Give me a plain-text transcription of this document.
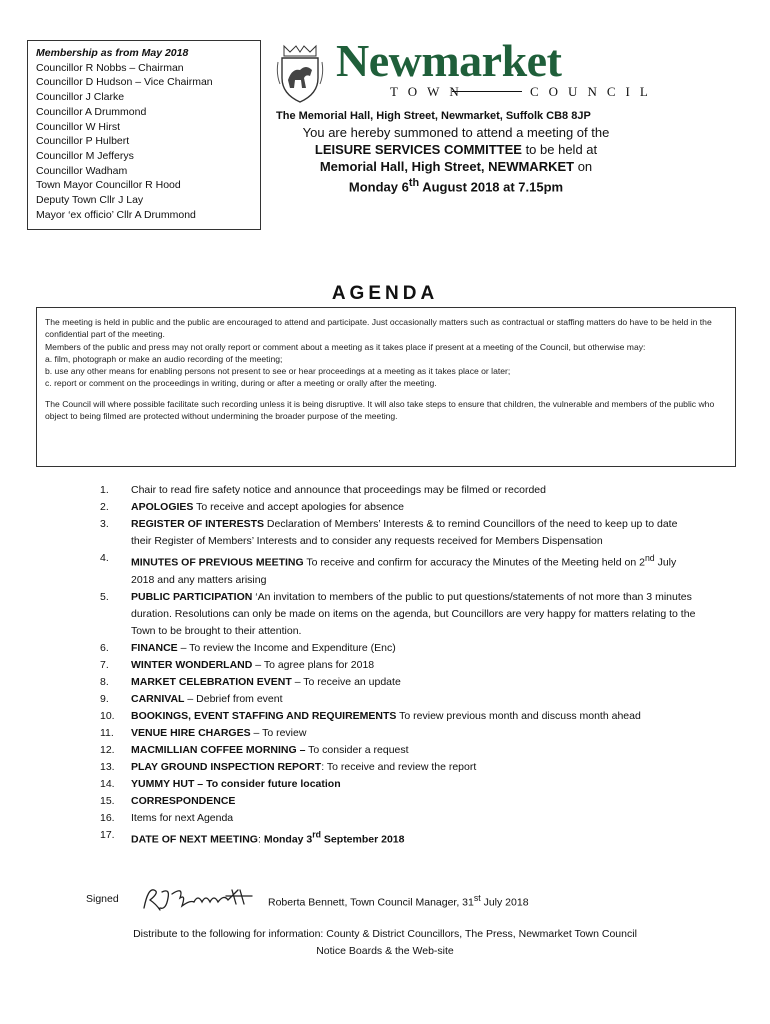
Membership as from May 2018
Councillor R Nobbs – Chairman
Councillor D Hudson – Vice Chairman
Councillor J Clarke
Councillor A Drummond
Councillor W Hirst
Councillor P Hulbert
Councillor M Jefferys
Councillor Wadham
Town Mayor Councillor R Hood
Deputy Town Cllr J Lay
Mayor ‘ex officio’ Cllr A Drummond
Newmarket
TOWN	COUNCIL
The Memorial Hall, High Street, Newmarket, Suffolk CB8 8JP
You are hereby summoned to attend a meeting of the
LEISURE SERVICES COMMITTEE to be held at
Memorial Hall, High Street, NEWMARKET on
Monday 6th August 2018 at 7.15pm
AGENDA
The meeting is held in public and the public are encouraged to attend and participate. Just occasionally matters such as contractual or staffing matters do have to be held in the confidential part of the meeting.
Members of the public and press may not orally report or comment about a meeting as it takes place if present at a meeting of the Council, but otherwise may:
a. film, photograph or make an audio recording of the meeting;
b. use any other means for enabling persons not present to see or hear proceedings at a meeting as it takes place or later;
c. report or comment on the proceedings in writing, during or after a meeting or orally after the meeting.
The Council will where possible facilitate such recording unless it is being disruptive. It will also take steps to ensure that children, the vulnerable and members of the public who object to being filmed are protected without undermining the broader purpose of the meeting.
1.	Chair to read fire safety notice and announce that proceedings may be filmed or recorded
2.	APOLOGIES To receive and accept apologies for absence
3.	REGISTER OF INTERESTS Declaration of Members’ Interests & to remind Councillors of the need to keep up to date their Register of Members’ Interests and to consider any requests received for Members Dispensation
4.	MINUTES OF PREVIOUS MEETING To receive and confirm for accuracy the Minutes of the Meeting held on 2nd July 2018 and any matters arising
5.	PUBLIC PARTICIPATION ‘An invitation to members of the public to put questions/statements of not more than 3 minutes duration. Resolutions can only be made on items on the agenda, but Councillors are very happy for matters relating to the Town to be brought to their attention.
6.	FINANCE – To review the Income and Expenditure (Enc)
7.	WINTER WONDERLAND – To agree plans for 2018
8.	MARKET CELEBRATION EVENT – To receive an update
9.	CARNIVAL – Debrief from event
10.	BOOKINGS, EVENT STAFFING AND REQUIREMENTS To review previous month and discuss month ahead
11.	VENUE HIRE CHARGES – To review
12.	MACMILLIAN COFFEE MORNING – To consider a request
13.	PLAY GROUND INSPECTION REPORT: To receive and review the report
14.	YUMMY HUT – To consider future location
15.	CORRESPONDENCE
16.	Items for next Agenda
17.	DATE OF NEXT MEETING: Monday 3rd September 2018
Signed	Roberta Bennett, Town Council Manager, 31st July 2018
Distribute to the following for information: County & District Councillors, The Press, Newmarket Town Council
Notice Boards & the Web-site
